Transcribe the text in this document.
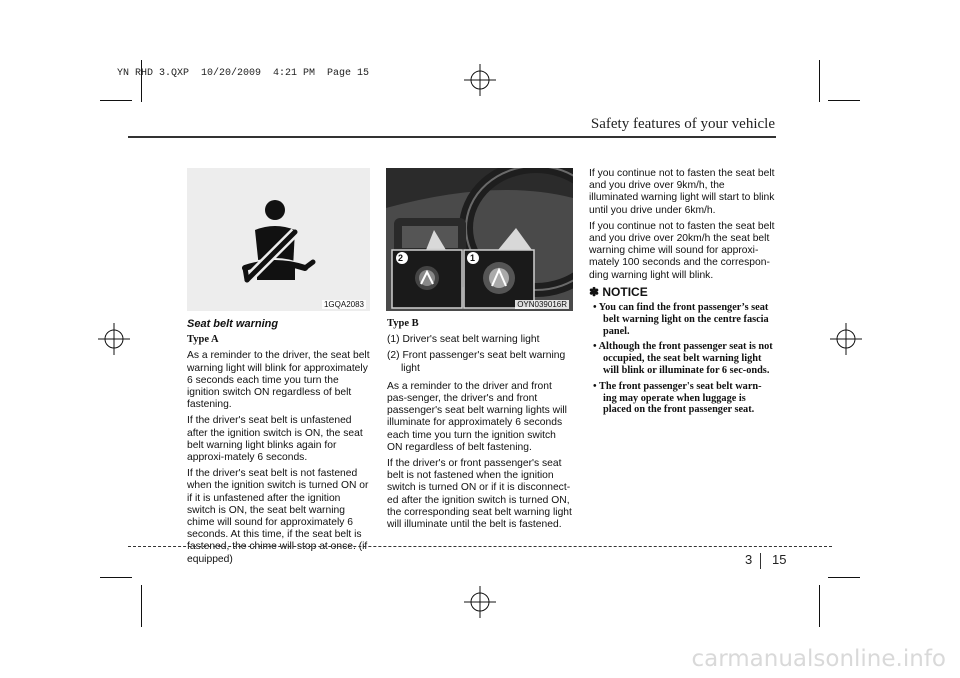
YN RHD 3.QXP  10/20/2009  4:21 PM  Page 15
Safety features of your vehicle
1GQA2083
2	1
OYN039016R

Seat belt warning

Type A

As a reminder to the driver, the seat belt warning light will blink for approximately 6 seconds each time you turn the ignition switch ON regardless of belt fastening.

If the driver's seat belt is unfastened after the ignition switch is ON, the seat belt warning light blinks again for approxi-mately 6 seconds.

If the driver's seat belt is not fastened when the ignition switch is turned ON or if it is unfastened after the ignition switch is ON, the seat belt warning chime will sound for approximately 6 seconds. At this time, if the seat belt is fastened, the chime will stop at once. (if equipped)

Type B

(1) Driver's seat belt warning light

(2) Front passenger's seat belt warning light

As a reminder to the driver and front pas-senger, the driver's and front passenger's seat belt warning lights will illuminate for approximately 6 seconds each time you turn the ignition switch ON regardless of belt fastening.

If the driver's or front passenger's seat belt is not fastened when the ignition switch is turned ON or if it is disconnect-ed after the ignition switch is turned ON, the corresponding seat belt warning light will illuminate until the belt is fastened.

If you continue not to fasten the seat belt and you drive over 9km/h, the illuminated warning light will start to blink until you drive under 6km/h.

If you continue not to fasten the seat belt and you drive over 20km/h the seat belt warning chime will sound for approxi-mately 100 seconds and the correspon-ding warning light will blink.

✽ NOTICE

• You can find the front passenger’s seat belt warning light on the centre fascia panel.

• Although the front passenger seat is not occupied, the seat belt warning light will blink or illuminate for 6 sec-onds.

• The front passenger's seat belt warn-ing may operate when luggage is placed on the front passenger seat.

3 15
carmanualsonline.info
